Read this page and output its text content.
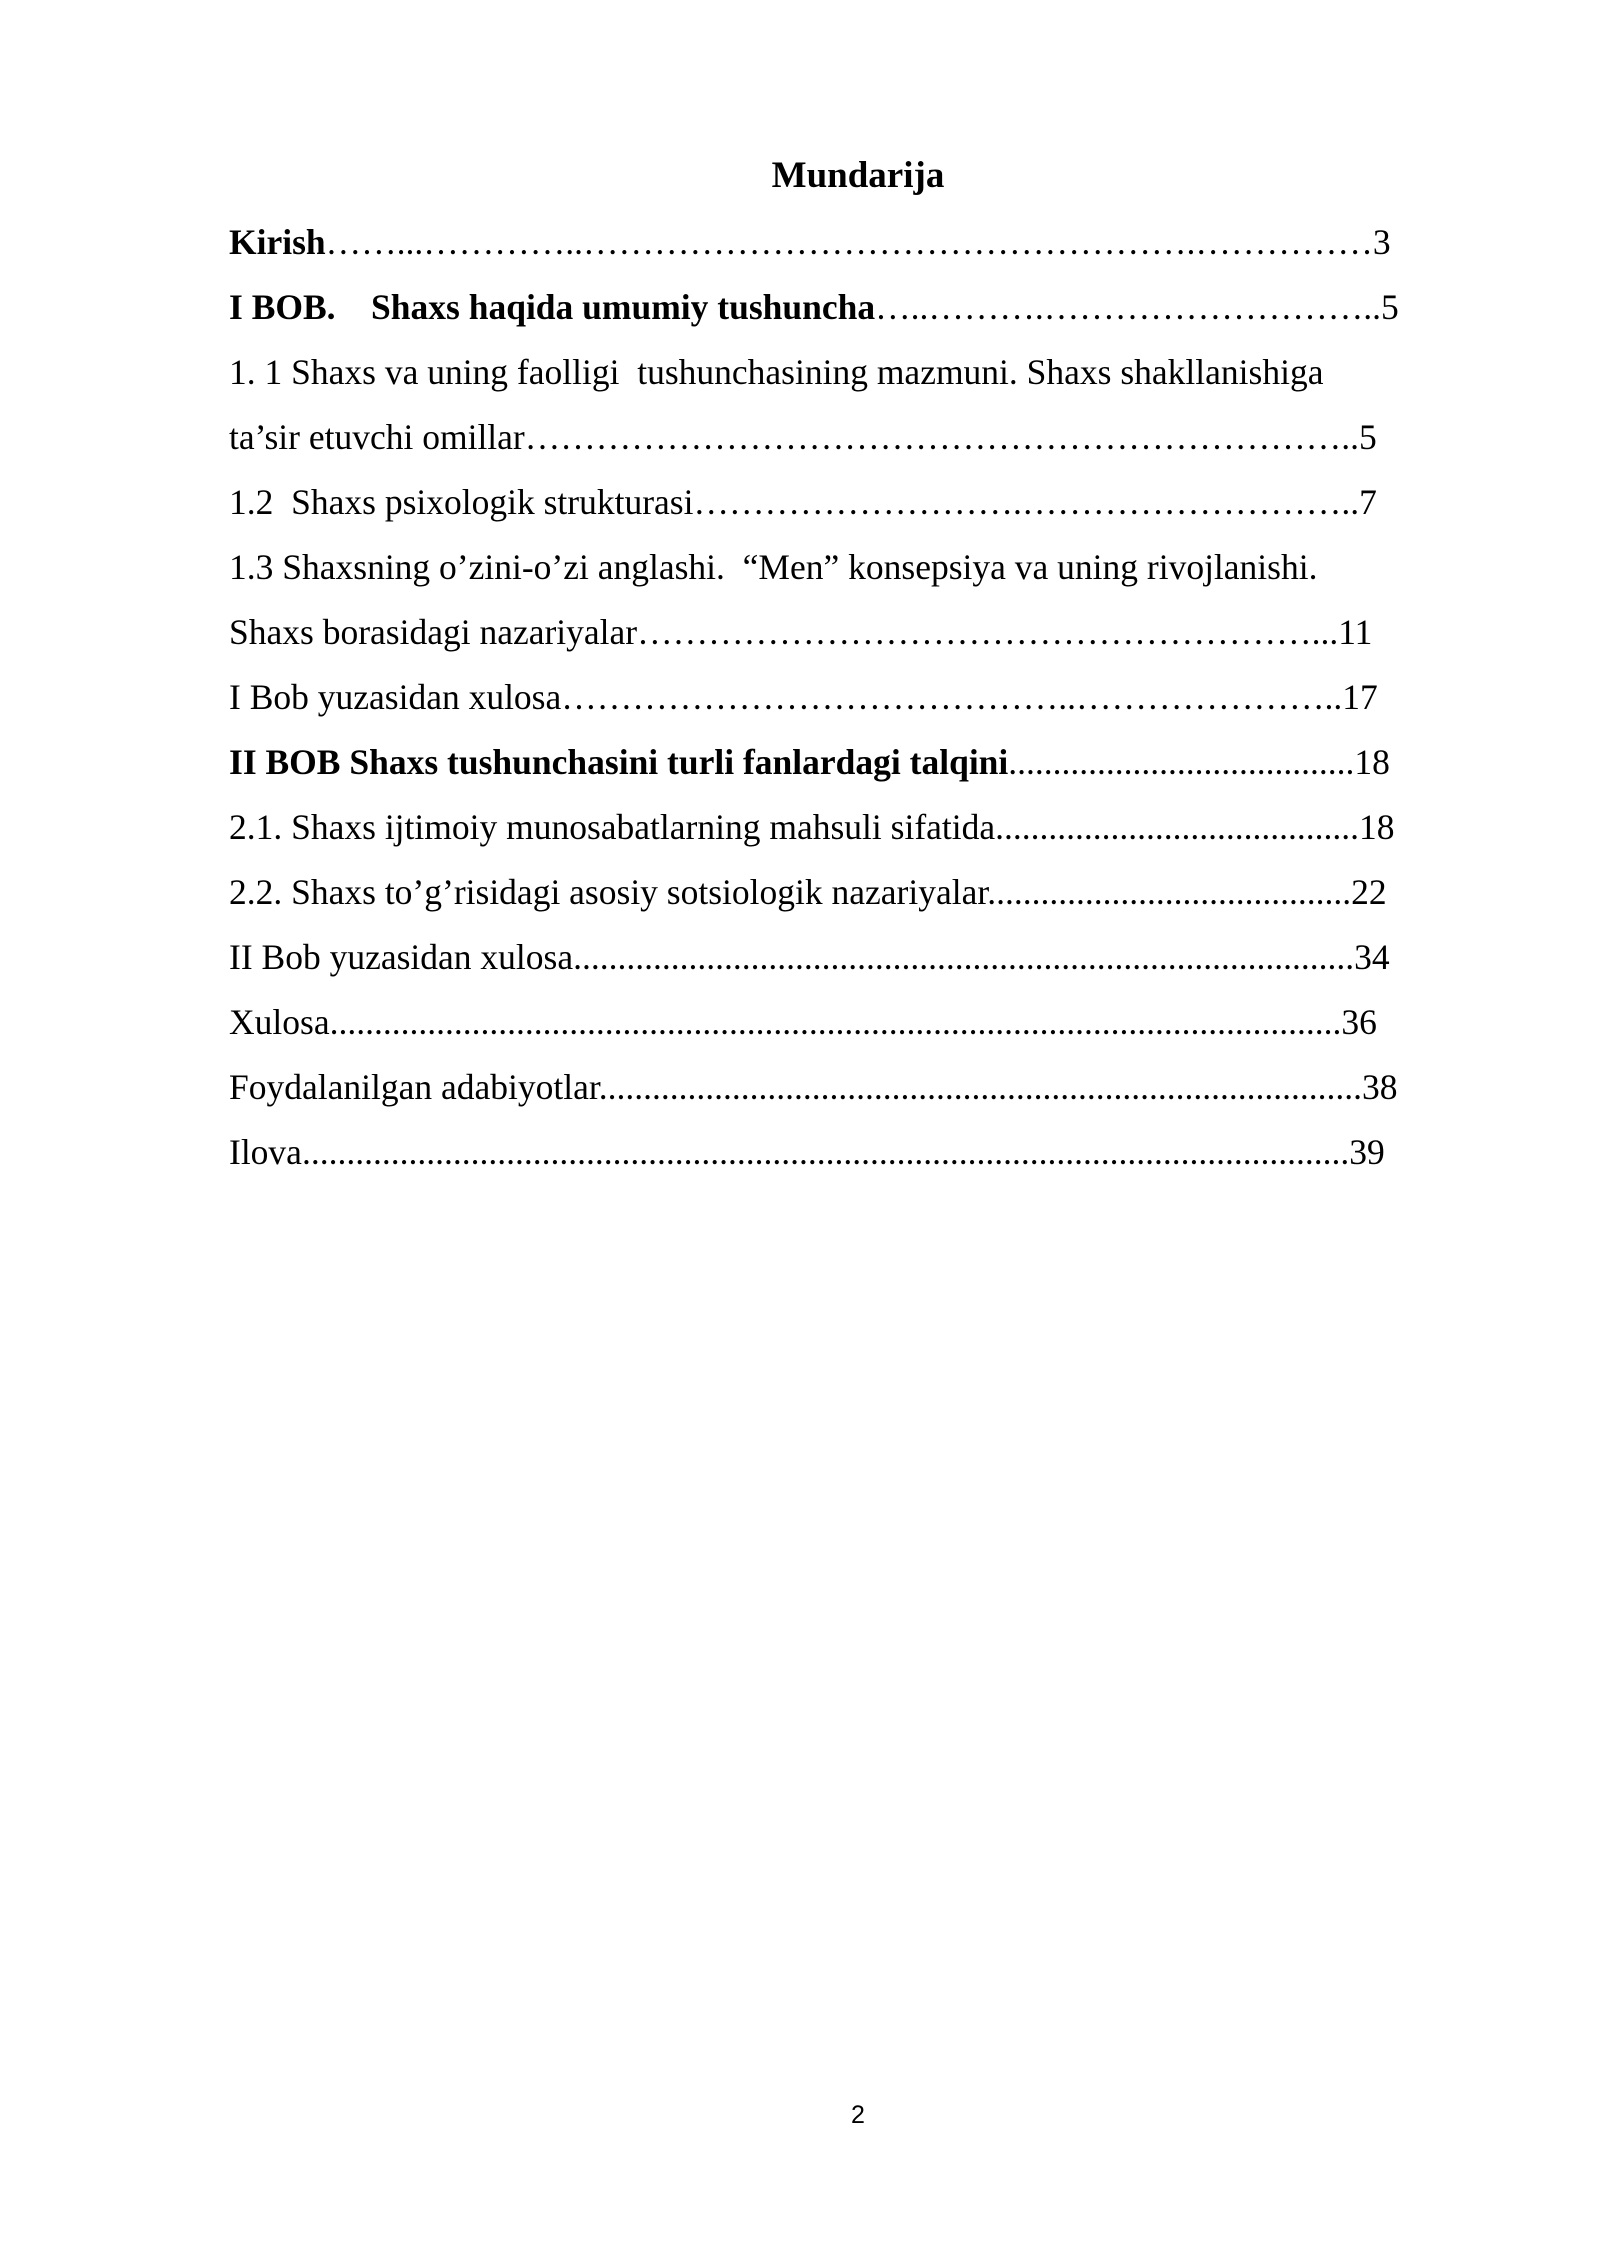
Mundarija
Kirish……...…………..…………………………………………….……………3
I BOB.    Shaxs haqida umumiy tushuncha…..……….………………………..5
1. 1 Shaxs va uning faolligi  tushunchasining mazmuni. Shaxs shakllanishiga
ta’sir etuvchi omillar……………………………………………………………..5
1.2  Shaxs psixologik strukturasi……………………….………………………..7
1.3 Shaxsning o’zini-o’zi anglashi.  “Men” konsepsiya va uning rivojlanishi.
Shaxs borasidagi nazariyalar…………………………………………………...11
I Bob yuzasidan xulosa……………………………………..…………………..17
II BOB Shaxs tushunchasini turli fanlardagi talqini.......................................18
2.1. Shaxs ijtimoiy munosabatlarning mahsuli sifatida.........................................18
2.2. Shaxs to’g’risidagi asosiy sotsiologik nazariyalar.........................................22
II Bob yuzasidan xulosa........................................................................................34
Xulosa..................................................................................................................36
Foydalanilgan adabiyotlar......................................................................................38
Ilova......................................................................................................................39
2
